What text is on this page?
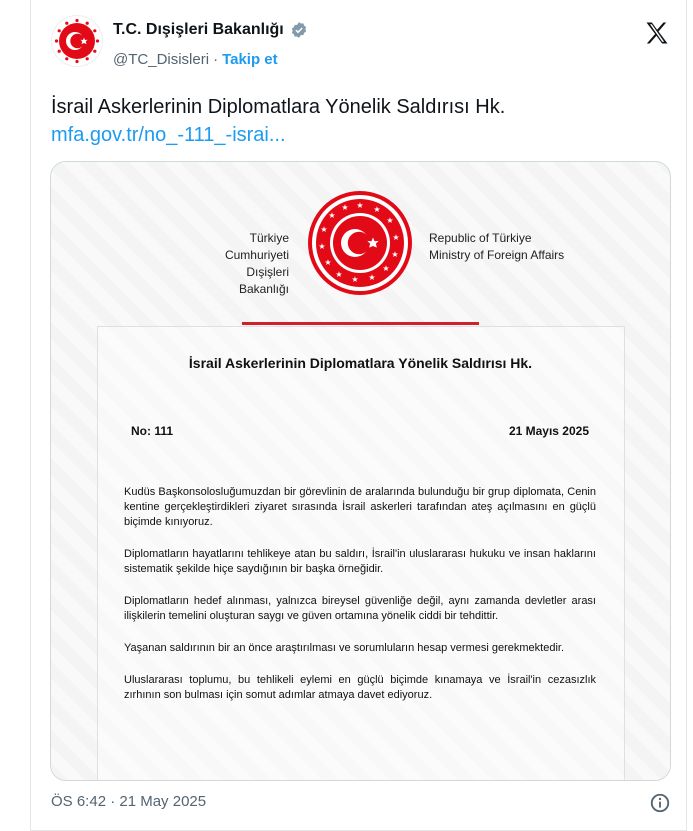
T.C. Dışişleri Bakanlığı
@TC_Disisleri · Takip et
İsrail Askerlerinin Diplomatlara Yönelik Saldırısı Hk.
mfa.gov.tr/no_-111_-israi...
Türkiye Cumhuriyeti
Dışişleri Bakanlığı
★ ★
★
★
★
★
★
★
★
★
★
★
★
★
Republic of Türkiye
Ministry of Foreign Affairs
İsrail Askerlerinin Diplomatlara Yönelik Saldırısı Hk.
No: 111	21 Mayıs 2025

Kudüs Başkonsolosluğumuzdan bir görevlinin de aralarında bulunduğu bir grup diplomata, Cenin kentine gerçekleştirdikleri ziyaret sırasında İsrail askerleri tarafından ateş açılmasını en güçlü biçimde kınıyoruz.

Diplomatların hayatlarını tehlikeye atan bu saldırı, İsrail'in uluslararası hukuku ve insan haklarını sistematik şekilde hiçe saydığının bir başka örneğidir.

Diplomatların hedef alınması, yalnızca bireysel güvenliğe değil, aynı zamanda devletler arası ilişkilerin temelini oluşturan saygı ve güven ortamına yönelik ciddi bir tehdittir.

Yaşanan saldırının bir an önce araştırılması ve sorumluların hesap vermesi gerekmektedir.

Uluslararası toplumu, bu tehlikeli eylemi en güçlü biçimde kınamaya ve İsrail'in cezasızlık zırhının son bulması için somut adımlar atmaya davet ediyoruz.

ÖS 6:42 · 21 May 2025
